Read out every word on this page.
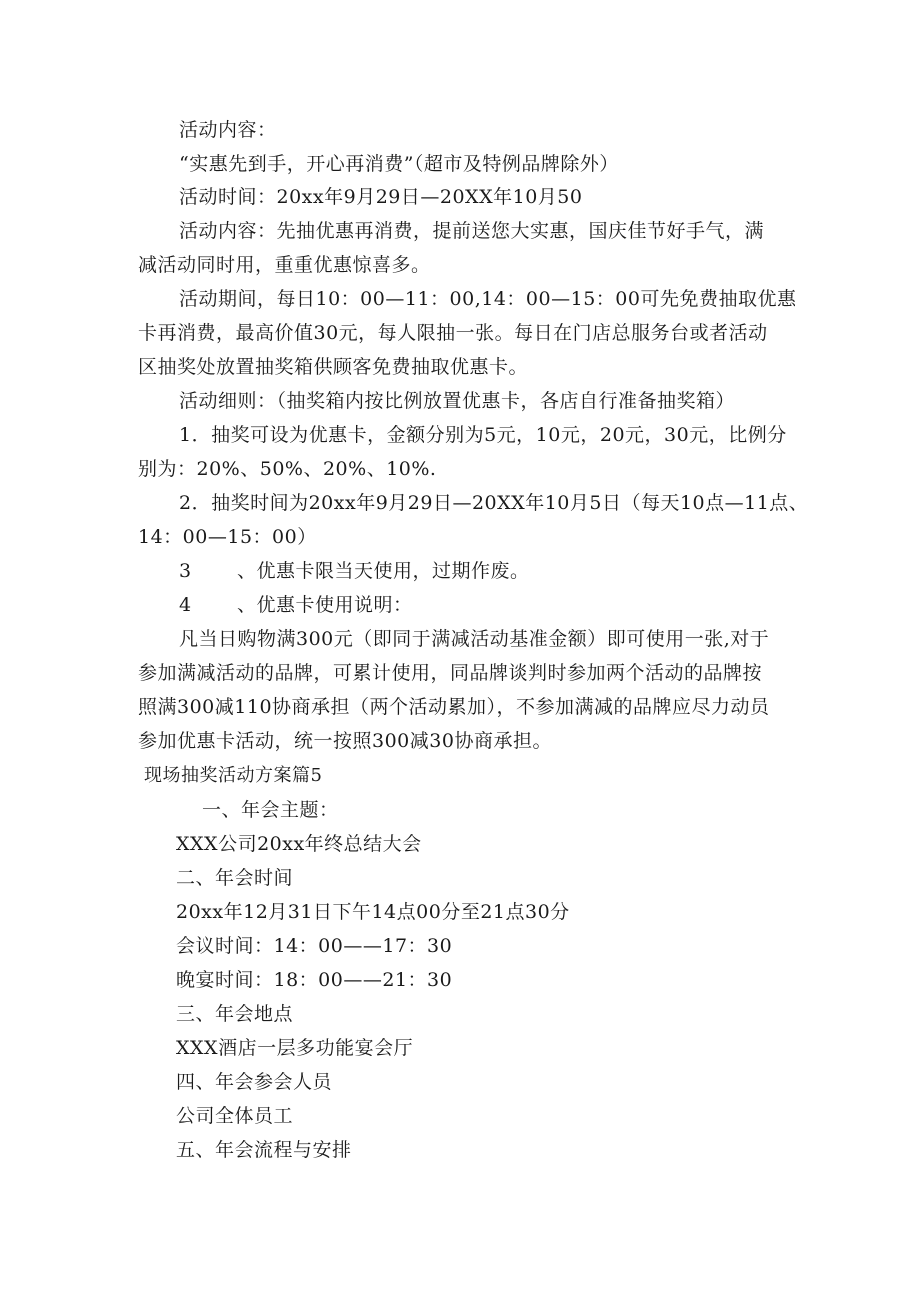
活动内容：
“实惠先到手，开心再消费”（超市及特例品牌除外）
活动时间：20xx年9月29日—20XX年10月50
活动内容：先抽优惠再消费，提前送您大实惠，国庆佳节好手气，满
减活动同时用，重重优惠惊喜多。
活动期间，每日10：00—11：00,14：00—15：00可先免费抽取优惠
卡再消费，最高价值30元，每人限抽一张。每日在门店总服务台或者活动
区抽奖处放置抽奖箱供顾客免费抽取优惠卡。
活动细则：（抽奖箱内按比例放置优惠卡，各店自行准备抽奖箱）
1．抽奖可设为优惠卡，金额分别为5元，10元，20元，30元，比例分
别为：20%、50%、20%、10%.
2．抽奖时间为20xx年9月29日—20XX年10月5日（每天10点—11点、
14：00—15：00）
3 、优惠卡限当天使用，过期作废。
4 、优惠卡使用说明：
凡当日购物满300元（即同于满减活动基准金额）即可使用一张,对于
参加满减活动的品牌，可累计使用，同品牌谈判时参加两个活动的品牌按
照满300减110协商承担（两个活动累加），不参加满减的品牌应尽力动员
参加优惠卡活动，统一按照300减30协商承担。
现场抽奖活动方案篇5
一、年会主题：
XXX公司20xx年终总结大会
二、年会时间
20xx年12月31日下午14点00分至21点30分
会议时间：14：00——17：30
晚宴时间：18：00——21：30
三、年会地点
XXX酒店一层多功能宴会厅
四、年会参会人员
公司全体员工
五、年会流程与安排
